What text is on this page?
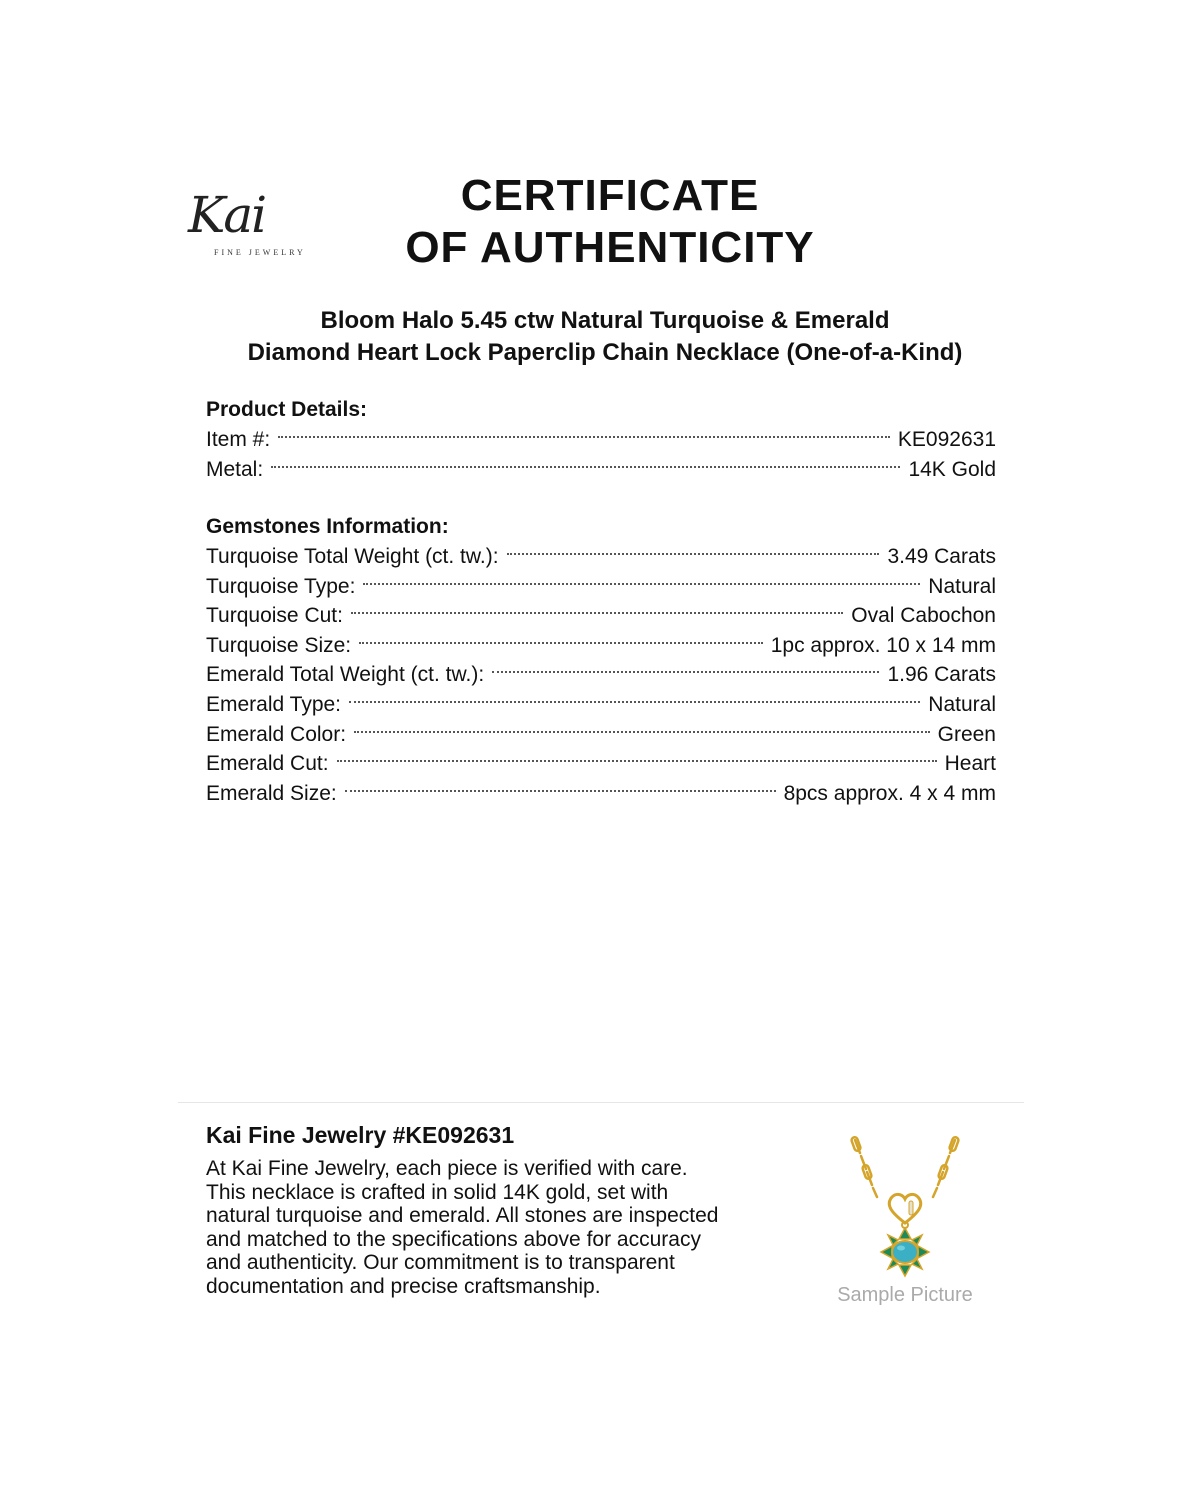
Kai
FINE JEWELRY
CERTIFICATE
OF AUTHENTICITY
Bloom Halo 5.45 ctw Natural Turquoise & Emerald
Diamond Heart Lock Paperclip Chain Necklace (One-of-a-Kind)
Product Details:
Item #:	KE092631
Metal:	14K Gold
Gemstones Information:
Turquoise Total Weight (ct. tw.):	3.49 Carats
Turquoise Type:	Natural
Turquoise Cut:	Oval Cabochon
Turquoise Size:	1pc approx. 10 x 14 mm
Emerald Total Weight (ct. tw.):	1.96 Carats
Emerald Type:	Natural
Emerald Color:	Green
Emerald Cut:	Heart
Emerald Size:	8pcs approx. 4 x 4 mm
Kai Fine Jewelry #KE092631
At Kai Fine Jewelry, each piece is verified with care.
This necklace is crafted in solid 14K gold, set with
natural turquoise and emerald. All stones are inspected
and matched to the specifications above for accuracy
and authenticity. Our commitment is to transparent
documentation and precise craftsmanship.	Sample Picture
